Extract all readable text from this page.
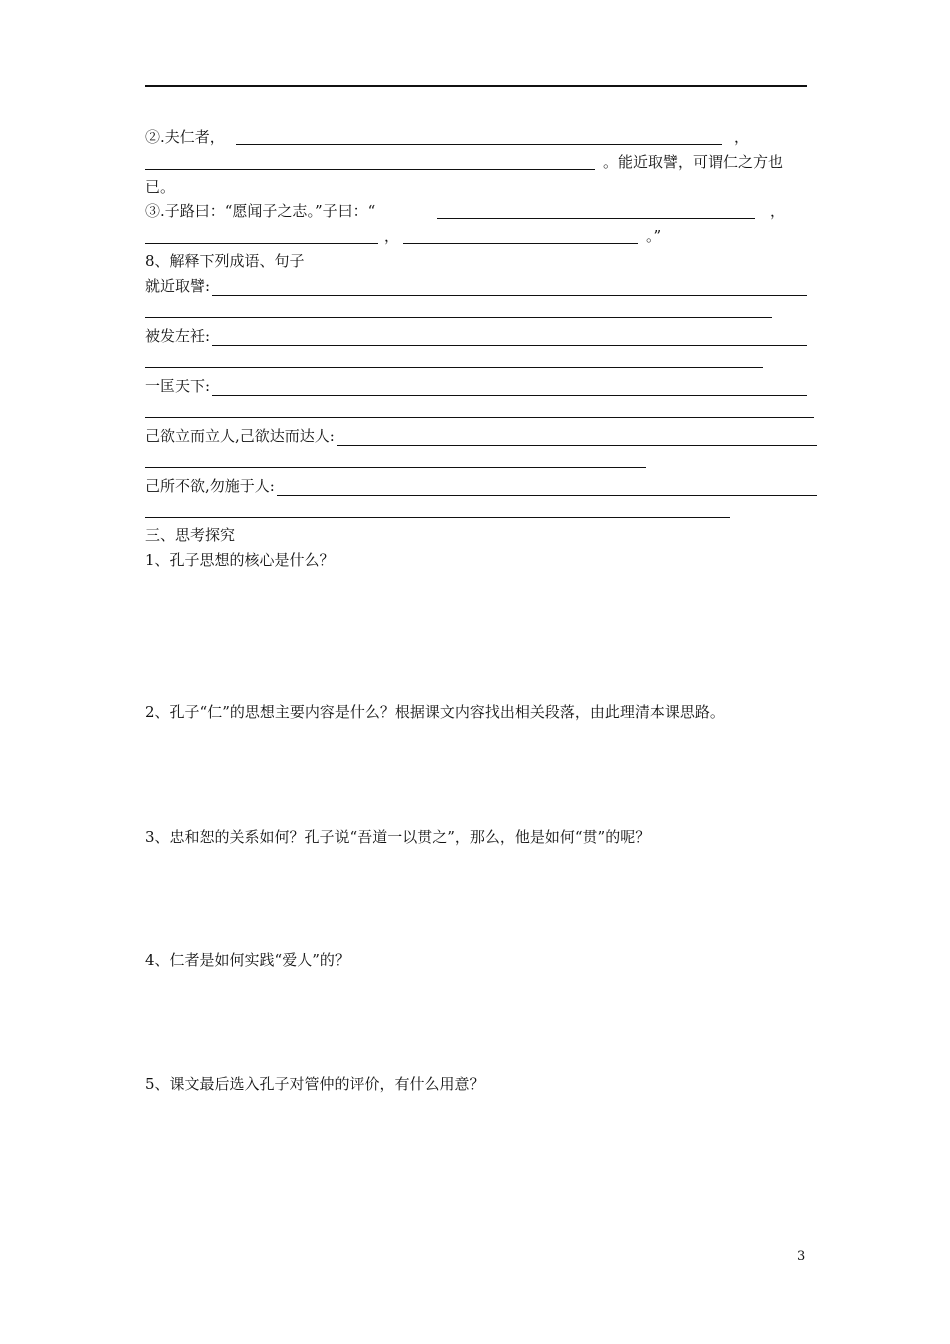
②.夫仁者，	，
。能近取譬，可谓仁之方也
已。
③.子路曰：“愿闻子之志。”子曰：“	，
，	。”
8、解释下列成语、句子
就近取譬:
被发左衽:
一匡天下:
己欲立而立人,己欲达而达人:
己所不欲,勿施于人:
三、思考探究
1、孔子思想的核心是什么？
2、孔子“仁”的思想主要内容是什么？根据课文内容找出相关段落，由此理清本课思路。
3、忠和恕的关系如何？孔子说“吾道一以贯之”，那么，他是如何“贯”的呢？
4、仁者是如何实践“爱人”的？
5、课文最后选入孔子对管仲的评价，有什么用意？
3
